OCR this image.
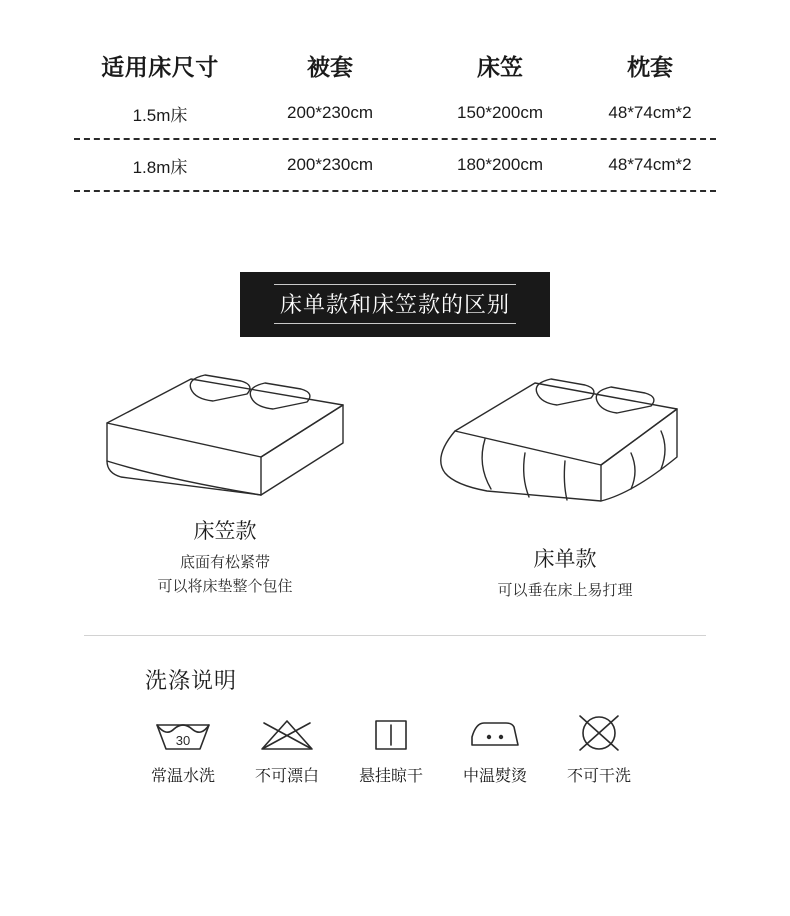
适用床尺寸	被套	床笠	枕套
1.5m床	200*230cm	150*200cm	48*74cm*2
1.8m床	200*230cm	180*200cm	48*74cm*2
床单款和床笠款的区别
床笠款
底面有松紧带
可以将床垫整个包住
床单款
可以垂在床上易打理
洗涤说明
30
常温水洗	不可漂白	悬挂晾干	中温熨烫	不可干洗
